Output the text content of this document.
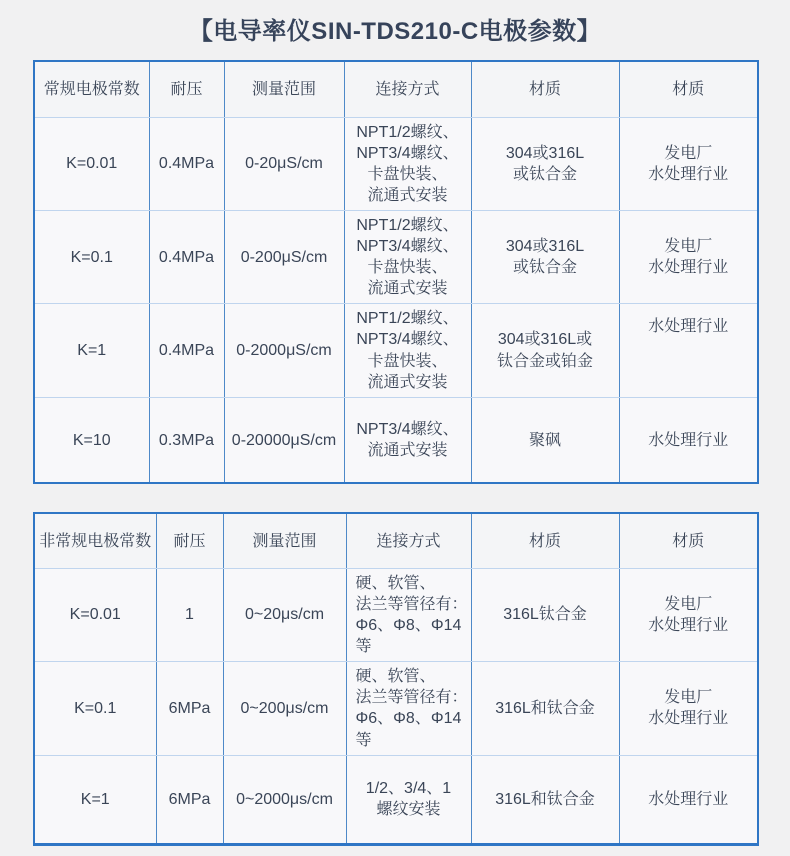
【电导率仪SIN-TDS210-C电极参数】
常规电极常数	耐压	测量范围	连接方式	材质	材质
K=0.01	0.4MPa	0-20μS/cm	NPT1/2螺纹、
NPT3/4螺纹、
卡盘快装、
流通式安装	304或316L
或钛合金	发电厂
水处理行业
K=0.1	0.4MPa	0-200μS/cm	NPT1/2螺纹、
NPT3/4螺纹、
卡盘快装、
流通式安装	304或316L
或钛合金	发电厂
水处理行业
K=1	0.4MPa	0-2000μS/cm	NPT1/2螺纹、
NPT3/4螺纹、
卡盘快装、
流通式安装	304或316L或
钛合金或铂金	水处理行业
K=10	0.3MPa	0-20000μS/cm	NPT3/4螺纹、
流通式安装	聚砜	水处理行业
非常规电极常数	耐压	测量范围	连接方式	材质	材质
K=0.01	1	0~20μs/cm	硬、软管、
法兰等管径有：
Φ6、Φ8、Φ14
等	316L钛合金	发电厂
水处理行业
K=0.1	6MPa	0~200μs/cm	硬、软管、
法兰等管径有：
Φ6、Φ8、Φ14
等	316L和钛合金	发电厂
水处理行业
K=1	6MPa	0~2000μs/cm	1/2、3/4、1
螺纹安装	316L和钛合金	水处理行业
